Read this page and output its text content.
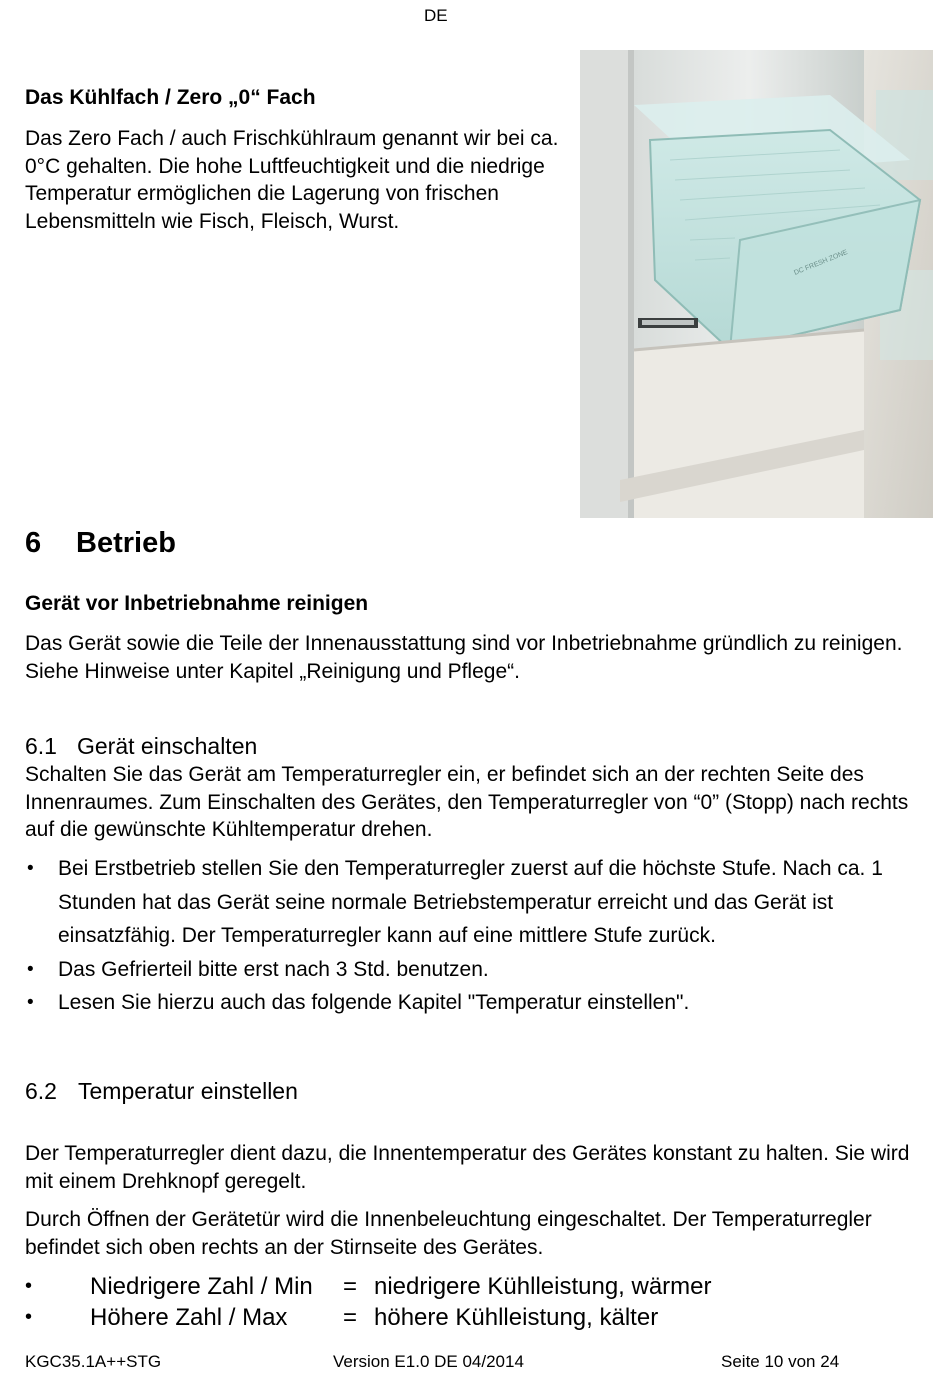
DE
Das Kühlfach / Zero „0“ Fach
Das Zero Fach / auch Frischkühlraum genannt wir bei ca. 0°C gehalten. Die hohe Luftfeuchtigkeit und die niedrige Temperatur ermöglichen die Lagerung von frischen Lebensmitteln wie Fisch, Fleisch, Wurst.
DC FRESH ZONE
6 Betrieb
Gerät vor Inbetriebnahme reinigen
Das Gerät sowie die Teile der Innenausstattung sind vor Inbetriebnahme gründlich zu reinigen. Siehe Hinweise unter Kapitel „Reinigung und Pflege“.
6.1 Gerät einschalten
Schalten Sie das Gerät am Temperaturregler ein, er befindet sich an der rechten Seite des Innenraumes. Zum Einschalten des Gerätes, den Temperaturregler von “0” (Stopp) nach rechts auf die gewünschte Kühltemperatur drehen.
• Bei Erstbetrieb stellen Sie den Temperaturregler zuerst auf die höchste Stufe. Nach ca. 1 Stunden hat das Gerät seine normale Betriebstemperatur erreicht und das Gerät ist einsatzfähig. Der Temperaturregler kann auf eine mittlere Stufe zurück.
• Das Gefrierteil bitte erst nach 3 Std. benutzen.
• Lesen Sie hierzu auch das folgende Kapitel "Temperatur einstellen".
6.2 Temperatur einstellen
Der Temperaturregler dient dazu, die Innentemperatur des Gerätes konstant zu halten. Sie wird mit einem Drehknopf geregelt.
Durch Öffnen der Gerätetür wird die Innenbeleuchtung eingeschaltet. Der Temperaturregler befindet sich oben rechts an der Stirnseite des Gerätes.
• Niedrigere Zahl / Min = niedrigere Kühlleistung, wärmer
• Höhere Zahl / Max = höhere Kühlleistung, kälter
KGC35.1A++STG	Version E1.0 DE 04/2014	Seite 10 von 24
